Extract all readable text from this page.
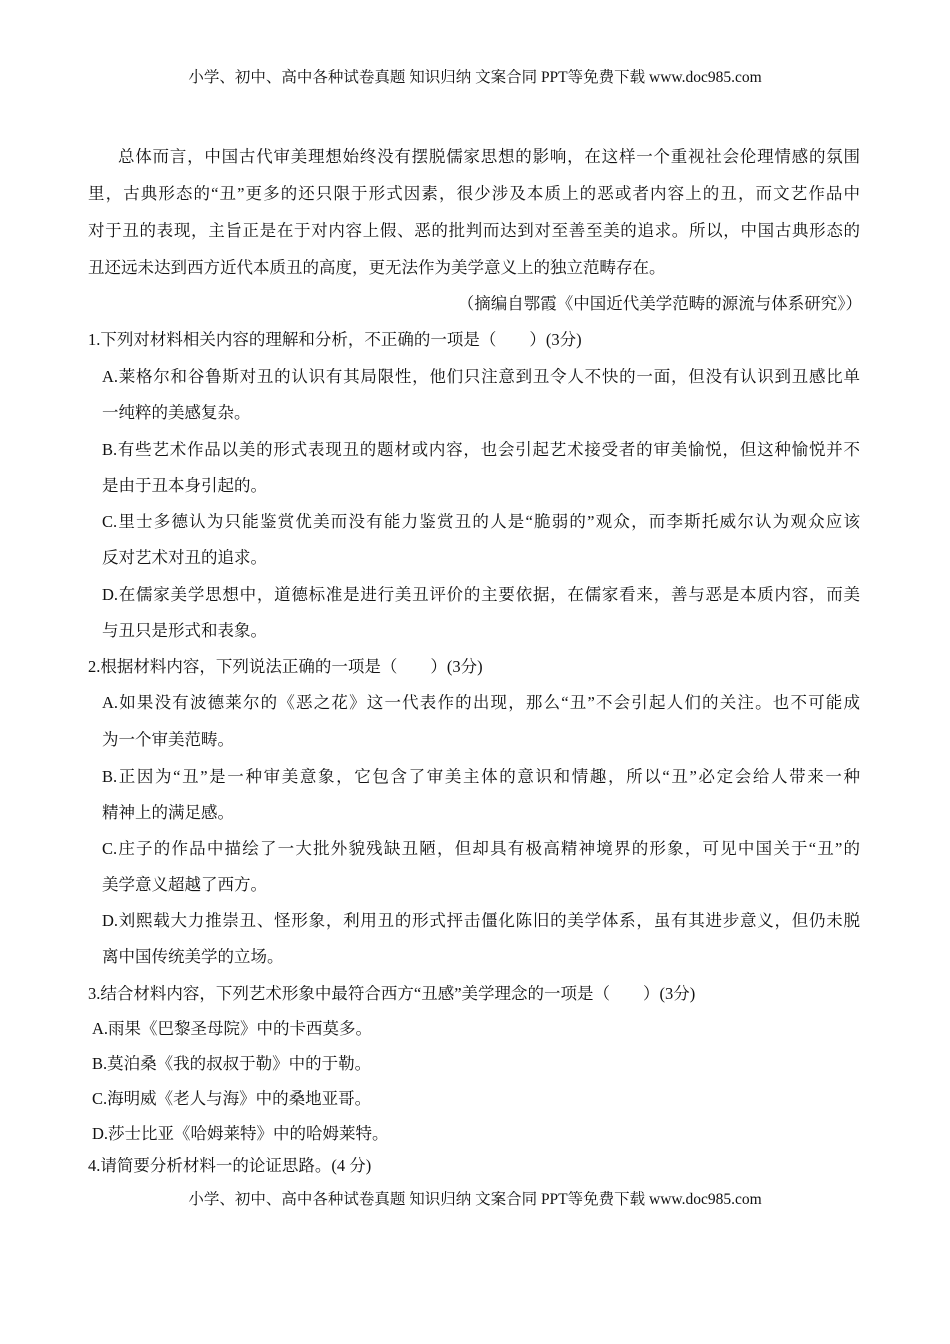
小学、初中、高中各种试卷真题 知识归纳 文案合同 PPT等免费下载 www.doc985.com
总体而言，中国古代审美理想始终没有摆脱儒家思想的影响，在这样一个重视社会伦理情感的氛围
里，古典形态的“丑”更多的还只限于形式因素，很少涉及本质上的恶或者内容上的丑，而文艺作品中
对于丑的表现，主旨正是在于对内容上假、恶的批判而达到对至善至美的追求。所以，中国古典形态的
丑还远未达到西方近代本质丑的高度，更无法作为美学意义上的独立范畴存在。
（摘编自鄂霞《中国近代美学范畴的源流与体系研究》）
1.下列对材料相关内容的理解和分析，不正确的一项是（　　）(3分)
A.莱格尔和谷鲁斯对丑的认识有其局限性，他们只注意到丑令人不快的一面，但没有认识到丑感比单
一纯粹的美感复杂。
B.有些艺术作品以美的形式表现丑的题材或内容，也会引起艺术接受者的审美愉悦，但这种愉悦并不
是由于丑本身引起的。
C.里士多德认为只能鉴赏优美而没有能力鉴赏丑的人是“脆弱的”观众，而李斯托威尔认为观众应该
反对艺术对丑的追求。
D.在儒家美学思想中，道德标准是进行美丑评价的主要依据，在儒家看来，善与恶是本质内容，而美
与丑只是形式和表象。
2.根据材料内容，下列说法正确的一项是（　　）(3分)
A.如果没有波德莱尔的《恶之花》这一代表作的出现，那么“丑”不会引起人们的关注。也不可能成
为一个审美范畴。
B.正因为“丑”是一种审美意象，它包含了审美主体的意识和情趣，所以“丑”必定会给人带来一种
精神上的满足感。
C.庄子的作品中描绘了一大批外貌残缺丑陋，但却具有极高精神境界的形象，可见中国关于“丑”的
美学意义超越了西方。
D.刘熙载大力推崇丑、怪形象，利用丑的形式抨击僵化陈旧的美学体系，虽有其进步意义，但仍未脱
离中国传统美学的立场。
3.结合材料内容，下列艺术形象中最符合西方“丑感”美学理念的一项是（　　）(3分)
A.雨果《巴黎圣母院》中的卡西莫多。
B.莫泊桑《我的叔叔于勒》中的于勒。
C.海明威《老人与海》中的桑地亚哥。
D.莎士比亚《哈姆莱特》中的哈姆莱特。
4.请简要分析材料一的论证思路。(4 分)
小学、初中、高中各种试卷真题 知识归纳 文案合同 PPT等免费下载 www.doc985.com
